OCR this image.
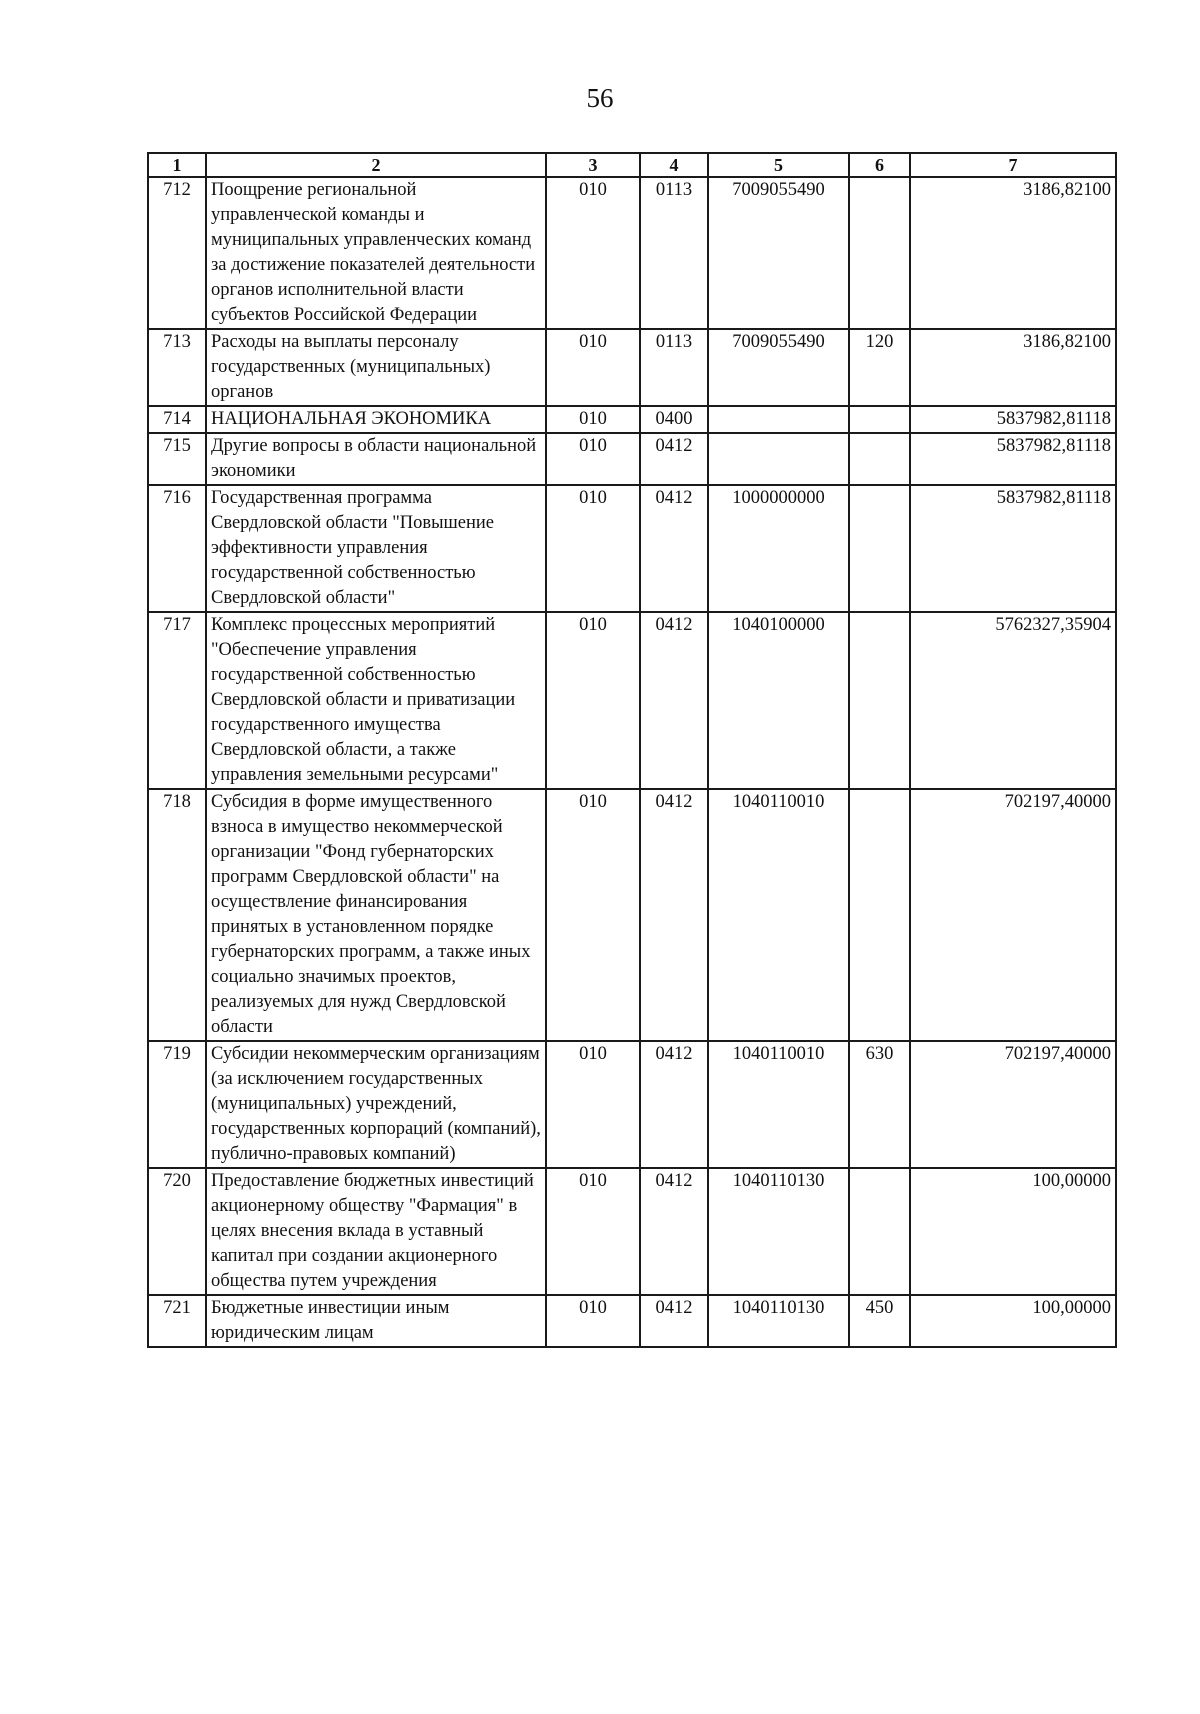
56
1	2	3	4	5	6	7
712	Поощрение региональной управленческой команды и муниципальных управленческих команд за достижение показателей деятельности органов исполнительной власти субъектов Российской Федерации	010	0113	7009055490		3186,82100
713	Расходы на выплаты персоналу государственных (муниципальных) органов	010	0113	7009055490	120	3186,82100
714	НАЦИОНАЛЬНАЯ ЭКОНОМИКА	010	0400			5837982,81118
715	Другие вопросы в области национальной экономики	010	0412			5837982,81118
716	Государственная программа Свердловской области "Повышение эффективности управления государственной собственностью Свердловской области"	010	0412	1000000000		5837982,81118
717	Комплекс процессных мероприятий "Обеспечение управления государственной собственностью Свердловской области и приватизации государственного имущества Свердловской области, а также управления земельными ресурсами"	010	0412	1040100000		5762327,35904
718	Субсидия в форме имущественного взноса в имущество некоммерческой организации "Фонд губернаторских программ Свердловской области" на осуществление финансирования принятых в установленном порядке губернаторских программ, а также иных социально значимых проектов, реализуемых для нужд Свердловской области	010	0412	1040110010		702197,40000
719	Субсидии некоммерческим организациям (за исключением государственных (муниципальных) учреждений, государственных корпораций (компаний), публично-правовых компаний)	010	0412	1040110010	630	702197,40000
720	Предоставление бюджетных инвестиций акционерному обществу "Фармация" в целях внесения вклада в уставный капитал при создании акционерного общества путем учреждения	010	0412	1040110130		100,00000
721	Бюджетные инвестиции иным юридическим лицам	010	0412	1040110130	450	100,00000
